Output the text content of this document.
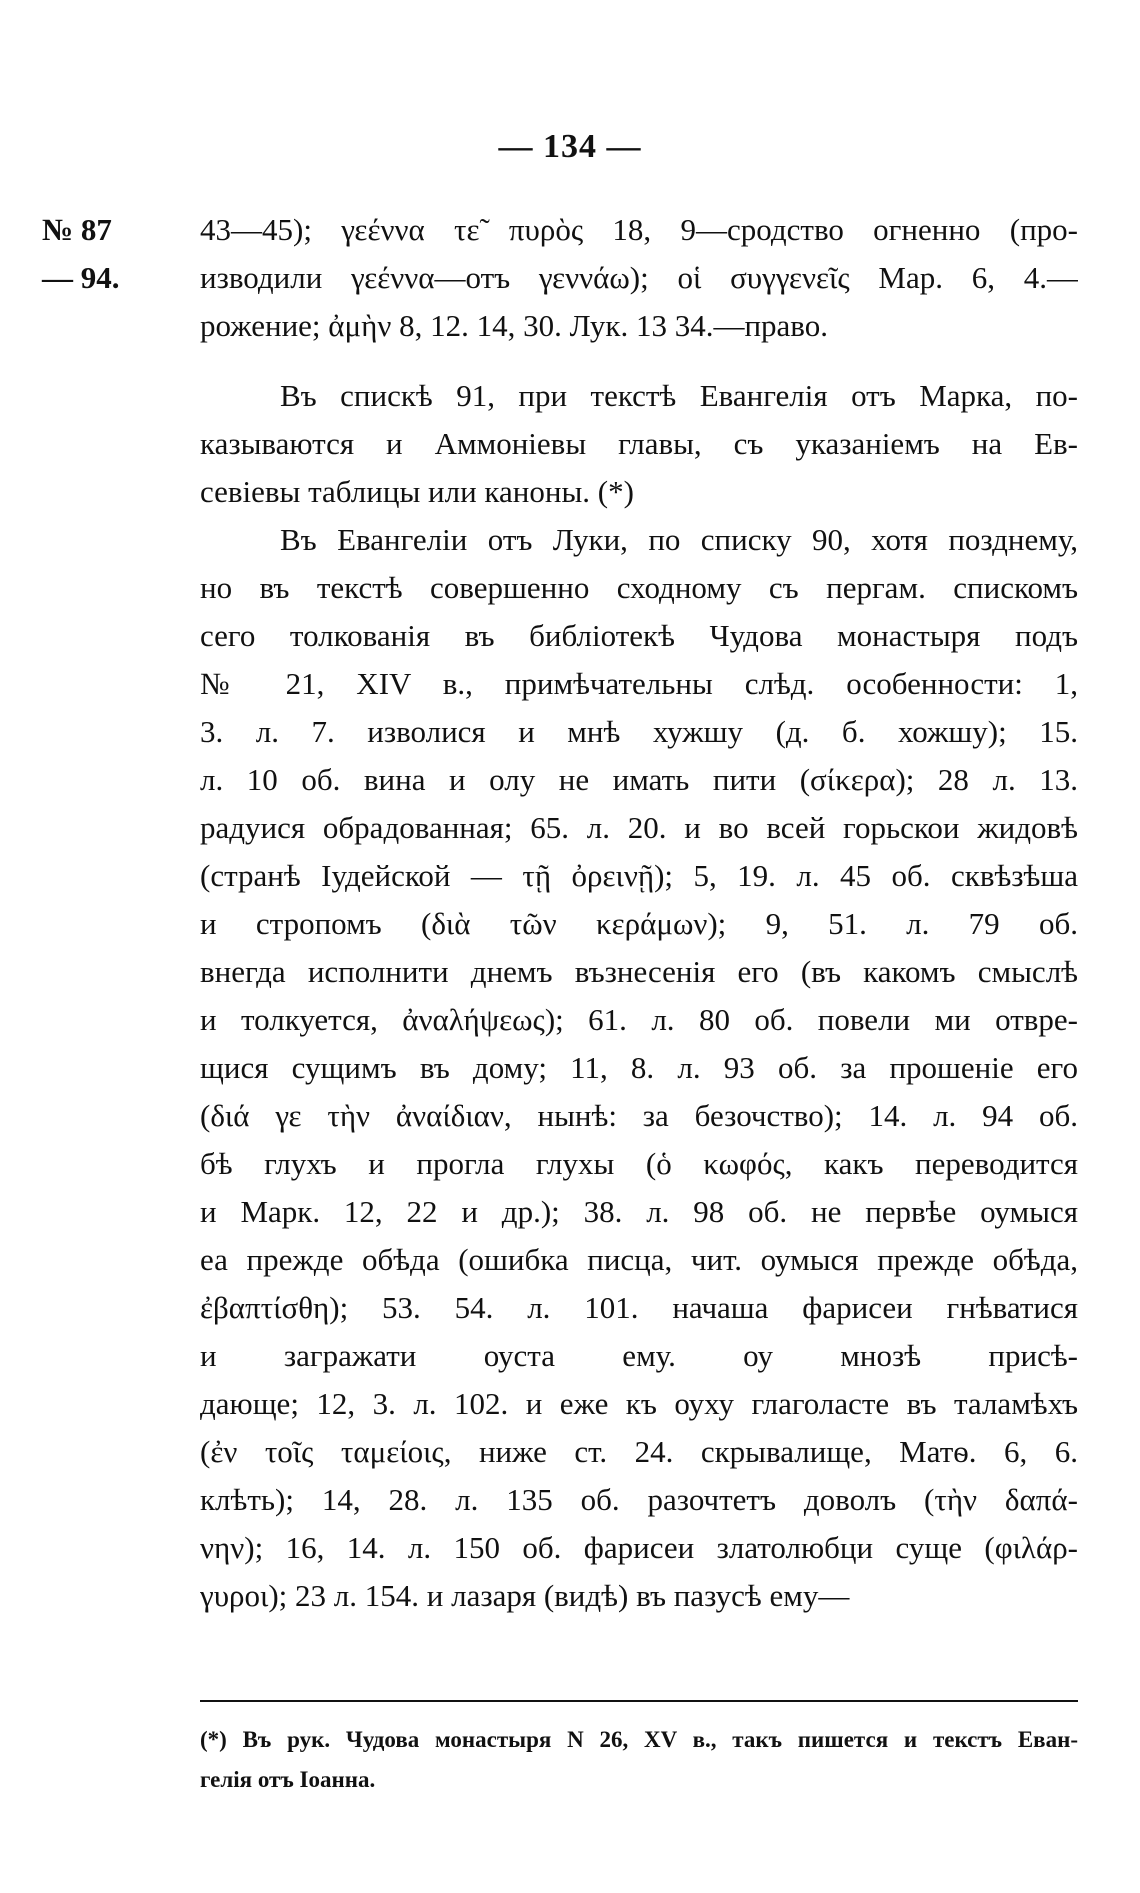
— 134 —
№ 87
— 94.
43—45); γεέννα τε̃ πυρὸς 18, 9—сродство огненно (про-
изводили γεέννα—отъ γεννάω); οἱ συγγενεῖς Мар. 6, 4.—
рожение; ἀμὴν 8, 12. 14, 30. Лук. 13 34.—право.
Въ спискѣ 91, при текстѣ Евангелія отъ Марка, по-
казываются и Аммоніевы главы, съ указаніемъ на Ев-
севіевы таблицы или каноны. (*)
Въ Евангеліи отъ Луки, по списку 90, хотя позднему,
но въ текстѣ совершенно сходному съ пергам. спискомъ
сего толкованія въ библіотекѣ Чудова монастыря подъ
№ 21, XIV в., примѣчательны слѣд. особенности: 1,
3. л. 7. изволися и мнѣ хужшу (д. б. хожшу); 15.
л. 10 об. вина и олу не имать пити (σίκερα); 28 л. 13.
радуися обрадованная; 65. л. 20. и во всей горьскои жидовѣ
(странѣ Іудейской — τῇ ὀρεινῇ); 5, 19. л. 45 об. сквѣзѣша
и стропомъ (διὰ τῶν κεράμων); 9, 51. л. 79 об.
внегда исполнити днемъ възнесенія его (въ какомъ смыслѣ
и толкуется, ἀναλήψεως); 61. л. 80 об. повели ми отвре-
щися сущимъ въ дому; 11, 8. л. 93 об. за прошеніе его
(διά γε τὴν ἀναίδιαν, нынѣ: за безочство); 14. л. 94 об.
бѣ глухъ и прогла глухы (ὁ κωφός, какъ переводится
и Марк. 12, 22 и др.); 38. л. 98 об. не первѣе оумыся
еа прежде обѣда (ошибка писца, чит. оумыся прежде обѣда,
ἐβαπτίσθη); 53. 54. л. 101. начаша фарисеи гнѣватися
и загражати оуста ему. оу мнозѣ присѣ-
дающе; 12, 3. л. 102. и еже къ оуху глаголасте въ таламѣхъ
(ἐν τοῖς ταμείοις, ниже ст. 24. скрывалище, Матѳ. 6, 6.
клѣть); 14, 28. л. 135 об. разочтетъ доволъ (τὴν δαπά-
νην); 16, 14. л. 150 об. фарисеи златолюбци суще (φιλάρ-
γυροι); 23 л. 154. и лазаря (видѣ) въ пазусѣ ему—
(*) Въ рук. Чудова монастыря N 26, XV в., такъ пишется и текстъ Еван-
гелія отъ Іоанна.
